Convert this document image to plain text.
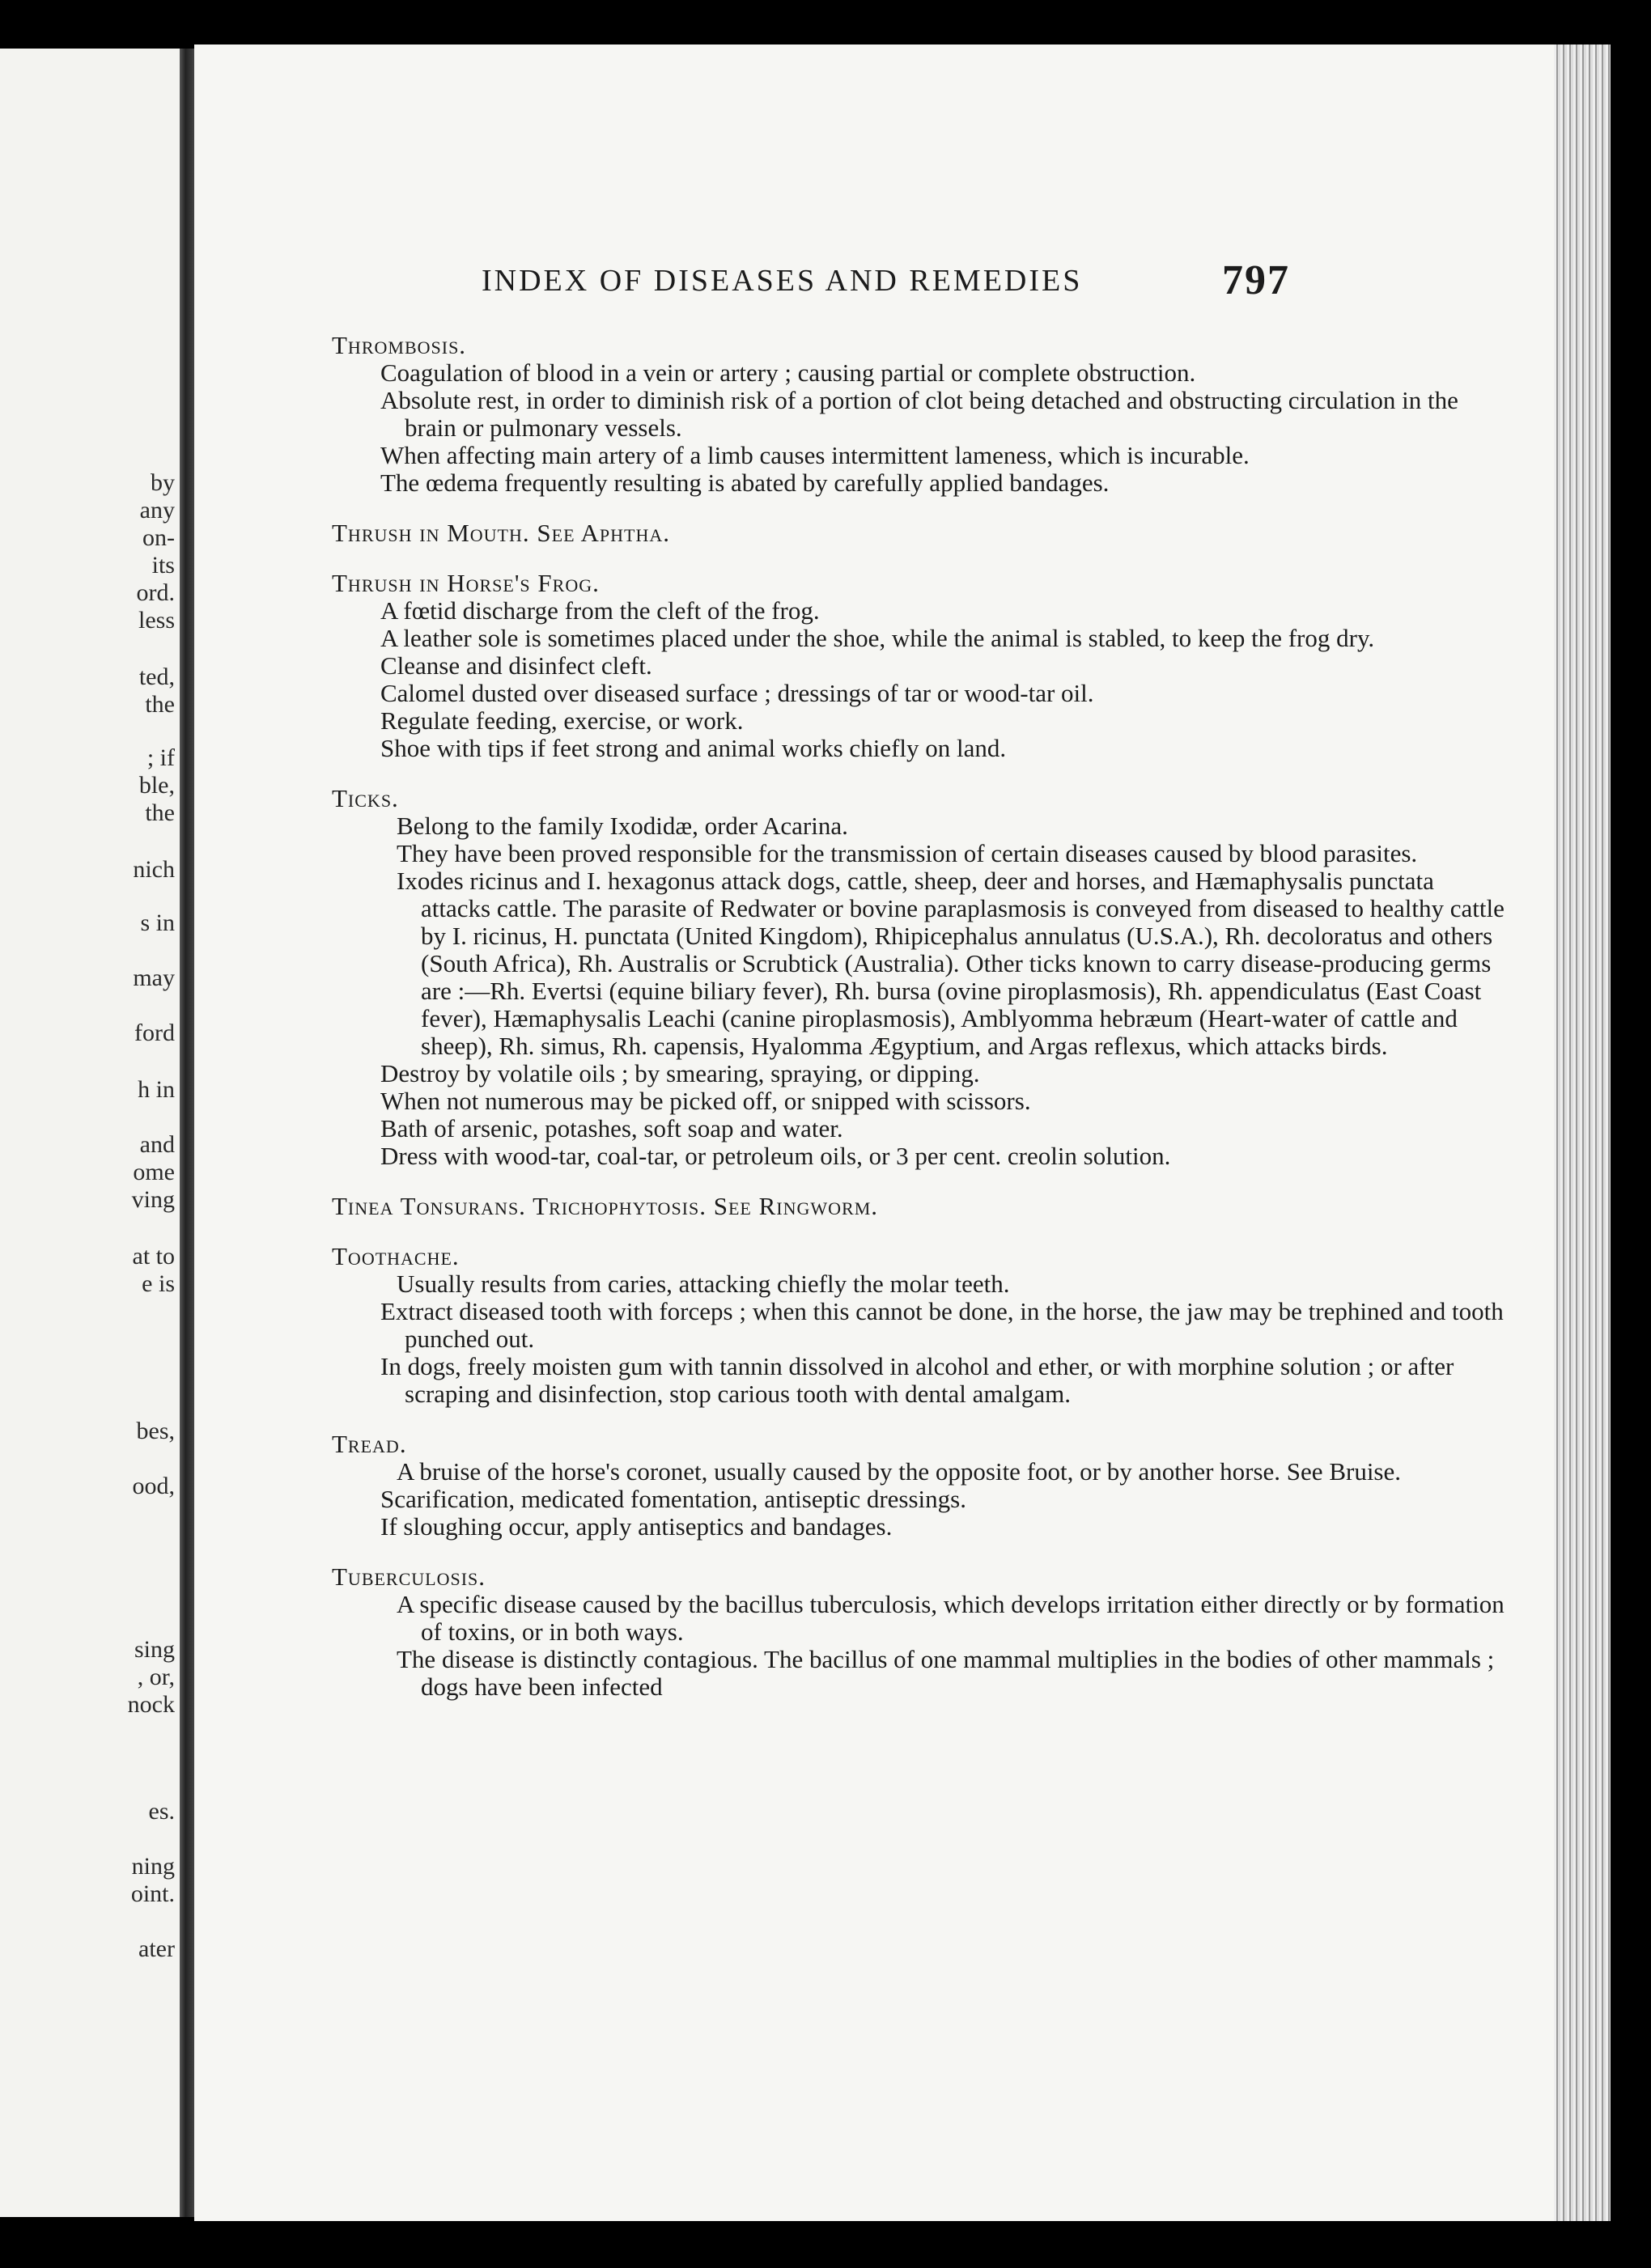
by
any
on-
its
ord.
less
ted,
the
; if
ble,
the
nich
s in
may
ford
h in
and
ome
ving
at to
e is
bes,
ood,
sing
, or,
nock
es.
ning
oint.
ater
INDEX OF DISEASES AND REMEDIES	797
Thrombosis.
Coagulation of blood in a vein or artery ; causing partial or complete obstruction.
Absolute rest, in order to diminish risk of a portion of clot being detached and obstructing circulation in the brain or pulmonary vessels.
When affecting main artery of a limb causes intermittent lameness, which is incurable.
The œdema frequently resulting is abated by carefully applied bandages.
Thrush in Mouth. See Aphtha.
Thrush in Horse's Frog.
A fœtid discharge from the cleft of the frog.
A leather sole is sometimes placed under the shoe, while the animal is stabled, to keep the frog dry.
Cleanse and disinfect cleft.
Calomel dusted over diseased surface ; dressings of tar or wood-tar oil.
Regulate feeding, exercise, or work.
Shoe with tips if feet strong and animal works chiefly on land.
Ticks.
Belong to the family Ixodidæ, order Acarina.
They have been proved responsible for the transmission of certain diseases caused by blood parasites.
Ixodes ricinus and I. hexagonus attack dogs, cattle, sheep, deer and horses, and Hæmaphysalis punctata attacks cattle. The parasite of Redwater or bovine paraplasmosis is conveyed from diseased to healthy cattle by I. ricinus, H. punctata (United Kingdom), Rhipicephalus annulatus (U.S.A.), Rh. decoloratus and others (South Africa), Rh. Australis or Scrubtick (Australia). Other ticks known to carry disease-producing germs are :—Rh. Evertsi (equine biliary fever), Rh. bursa (ovine piroplasmosis), Rh. appendiculatus (East Coast fever), Hæmaphysalis Leachi (canine piroplasmosis), Amblyomma hebræum (Heart-water of cattle and sheep), Rh. simus, Rh. capensis, Hyalomma Ægyptium, and Argas reflexus, which attacks birds.
Destroy by volatile oils ; by smearing, spraying, or dipping.
When not numerous may be picked off, or snipped with scissors.
Bath of arsenic, potashes, soft soap and water.
Dress with wood-tar, coal-tar, or petroleum oils, or 3 per cent. creolin solution.
Tinea Tonsurans. Trichophytosis. See Ringworm.
Toothache.
Usually results from caries, attacking chiefly the molar teeth.
Extract diseased tooth with forceps ; when this cannot be done, in the horse, the jaw may be trephined and tooth punched out.
In dogs, freely moisten gum with tannin dissolved in alcohol and ether, or with morphine solution ; or after scraping and disinfection, stop carious tooth with dental amalgam.
Tread.
A bruise of the horse's coronet, usually caused by the opposite foot, or by another horse. See Bruise.
Scarification, medicated fomentation, antiseptic dressings.
If sloughing occur, apply antiseptics and bandages.
Tuberculosis.
A specific disease caused by the bacillus tuberculosis, which develops irritation either directly or by formation of toxins, or in both ways.
The disease is distinctly contagious. The bacillus of one mammal multiplies in the bodies of other mammals ; dogs have been infected
